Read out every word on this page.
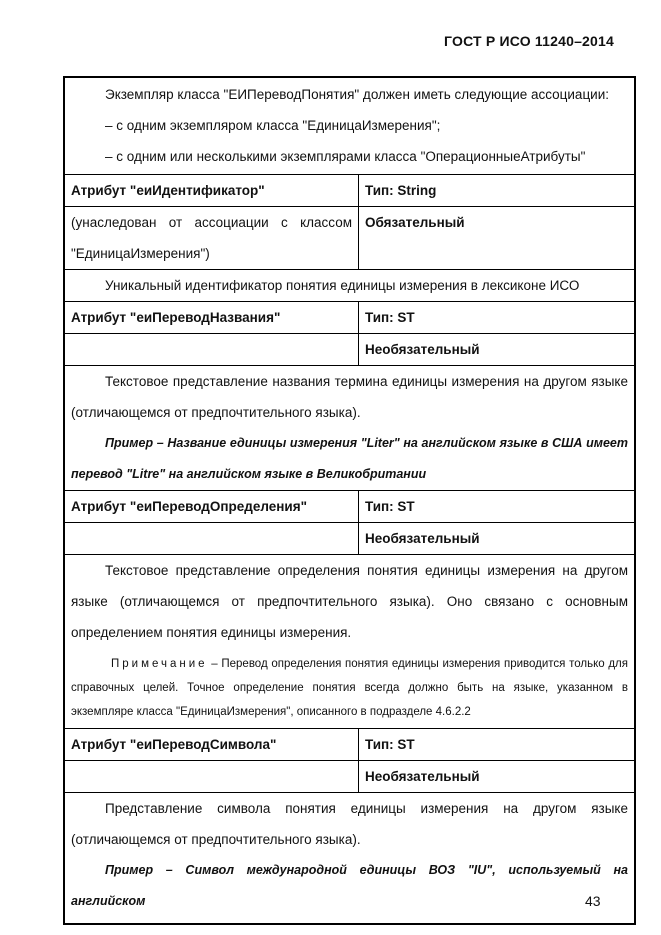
ГОСТ Р ИСО 11240–2014
Экземпляр класса "ЕИПереводПонятия" должен иметь следующие ассоциации:
– с одним экземпляром класса "ЕдиницаИзмерения";
– с одним или несколькими экземплярами класса "ОперационныеАтрибуты"	

Атрибут "еиИдентификатор"	Тип: String

(унаследован от ассоциации с классом
"ЕдиницаИзмерения")	Обязательный

Уникальный идентификатор понятия единицы измерения в лексиконе ИСО	

Атрибут "еиПереводНазвания"	Тип: ST
	Необязательный

Текстовое представление названия термина единицы измерения на другом языке
(отличающемся от предпочтительного языка).
Пример – Название единицы измерения "Liter" на английском языке в США имеет
перевод "Litre" на английском языке в Великобритании	

Атрибут "еиПереводОпределения"	Тип: ST
	Необязательный

Текстовое представление определения понятия единицы измерения на другом
языке (отличающемся от предпочтительного языка). Оно связано с основным
определением понятия единицы измерения.
Примечание – Перевод определения понятия единицы измерения приводится только для справочных целей. Точное определение понятия всегда должно быть на языке, указанном в экземпляре класса "ЕдиницаИзмерения", описанного в подразделе 4.6.2.2	

Атрибут "еиПереводСимвола"	Тип: ST
	Необязательный

Представление символа понятия единицы измерения на другом языке
(отличающемся от предпочтительного языка).
Пример – Символ международной единицы ВОЗ "IU", используемый на английском		43
